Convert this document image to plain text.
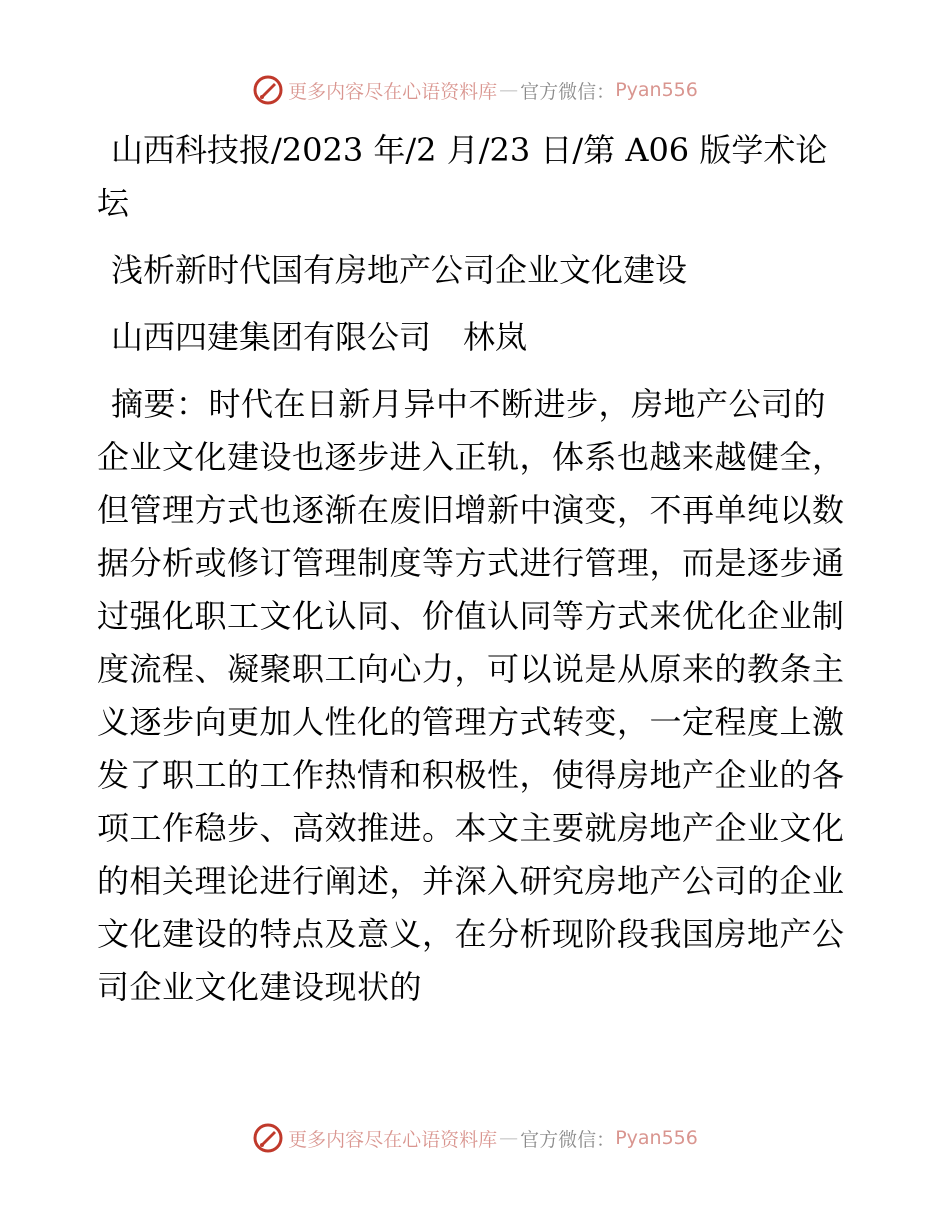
更多内容尽在心语资料库 — 官方微信： Pyan556

山西科技报/2023 年/2 月/23 日/第 A06 版学术论坛

浅析新时代国有房地产公司企业文化建设

山西四建集团有限公司　林岚

摘要：时代在日新月异中不断进步，房地产公司的企业文化建设也逐步进入正轨，体系也越来越健全，但管理方式也逐渐在废旧增新中演变，不再单纯以数据分析或修订管理制度等方式进行管理，而是逐步通过强化职工文化认同、价值认同等方式来优化企业制度流程、凝聚职工向心力，可以说是从原来的教条主义逐步向更加人性化的管理方式转变，一定程度上激发了职工的工作热情和积极性，使得房地产企业的各项工作稳步、高效推进。本文主要就房地产企业文化的相关理论进行阐述，并深入研究房地产公司的企业文化建设的特点及意义，在分析现阶段我国房地产公司企业文化建设现状的

更多内容尽在心语资料库 — 官方微信： Pyan556
